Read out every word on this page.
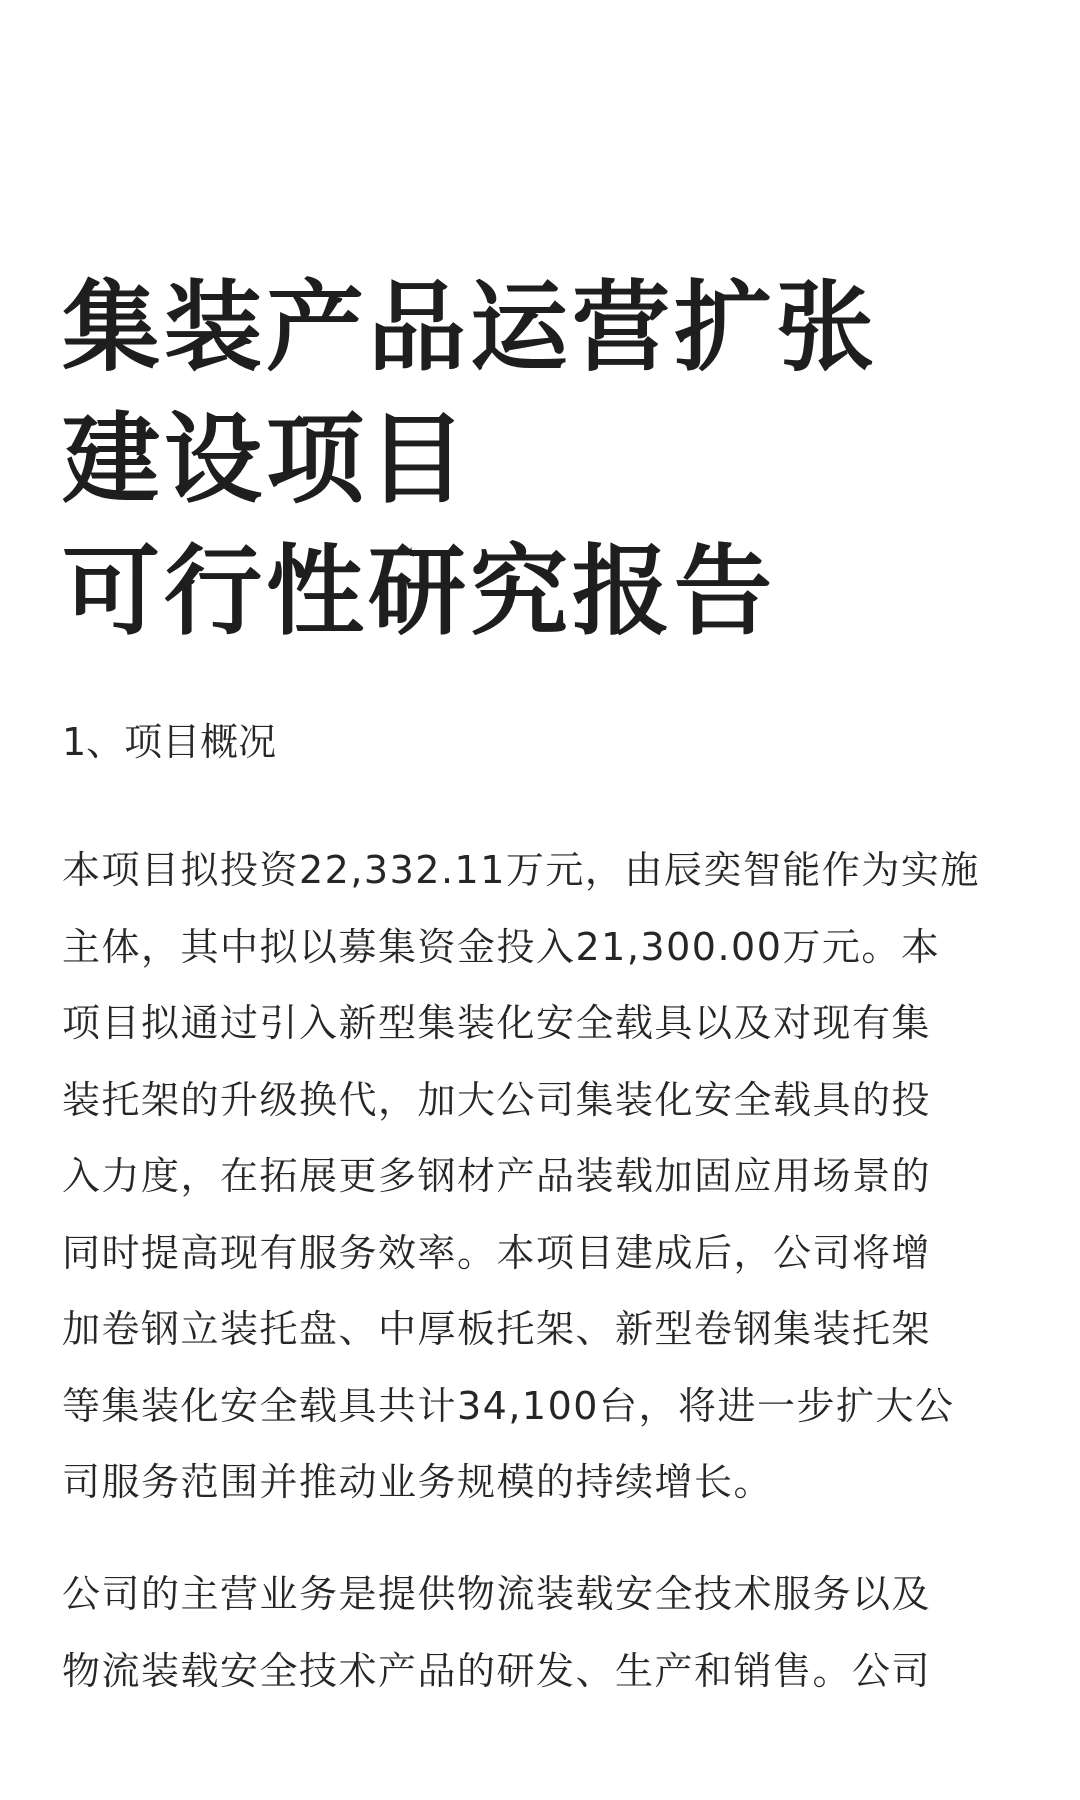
集装产品运营扩张
建设项目
可行性研究报告
1、项目概况
本项目拟投资22,332.11万元，由辰奕智能作为实施
主体，其中拟以募集资金投入21,300.00万元。本
项目拟通过引入新型集装化安全载具以及对现有集
装托架的升级换代，加大公司集装化安全载具的投
入力度，在拓展更多钢材产品装载加固应用场景的
同时提高现有服务效率。本项目建成后，公司将增
加卷钢立装托盘、中厚板托架、新型卷钢集装托架
等集装化安全载具共计34,100台，将进一步扩大公
司服务范围并推动业务规模的持续增长。
公司的主营业务是提供物流装载安全技术服务以及
物流装载安全技术产品的研发、生产和销售。公司
